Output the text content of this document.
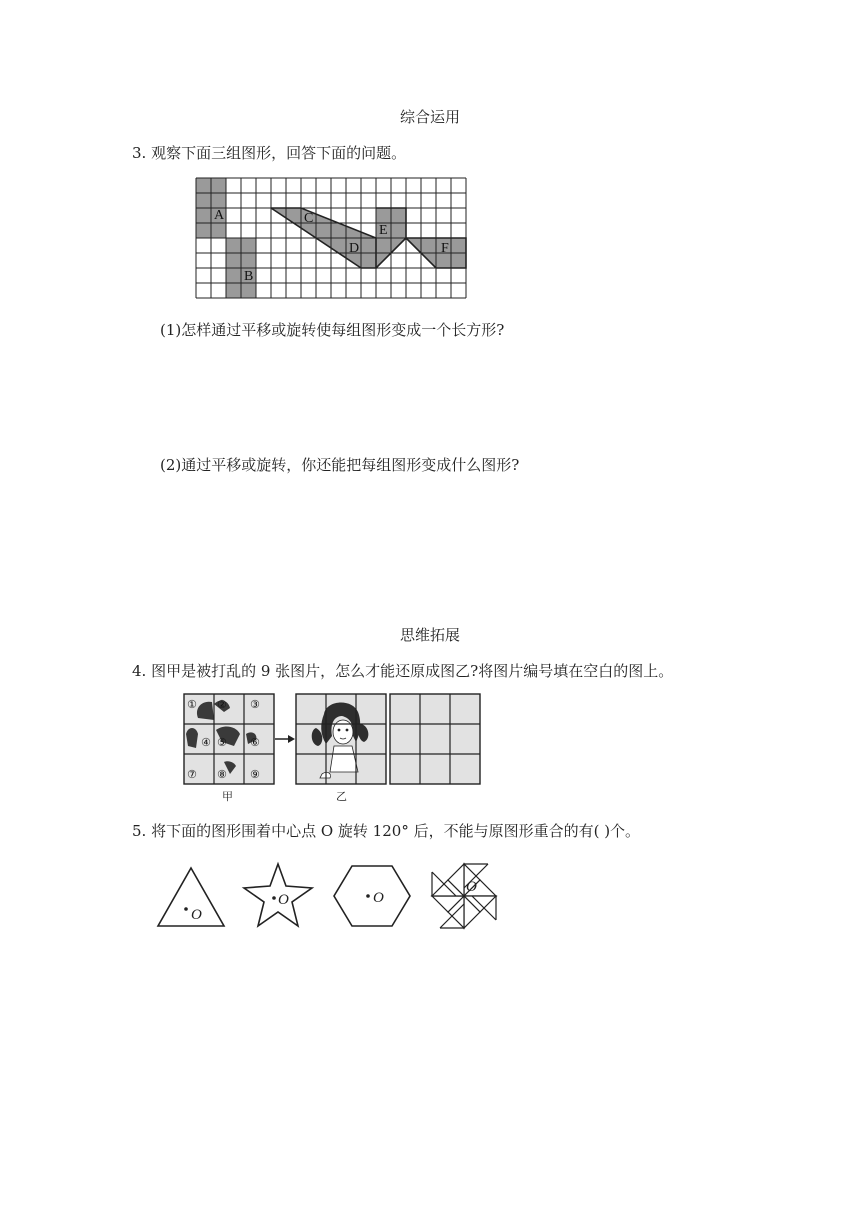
综合运用
思维拓展
3. 观察下面三组图形，回答下面的问题。
A
B
C
D
E
F
(1)怎样通过平移或旋转使每组图形变成一个长方形?
(2)通过平移或旋转，你还能把每组图形变成什么图形?
4. 图甲是被打乱的 9 张图片，怎么才能还原成图乙?将图片编号填在空白的图上。
① ② ③
④ ⑤ ⑥
⑦ ⑧ ⑨
甲	乙
5. 将下面的图形围着中心点 O 旋转 120° 后，不能与原图形重合的有( )个。
O
O	O
O
